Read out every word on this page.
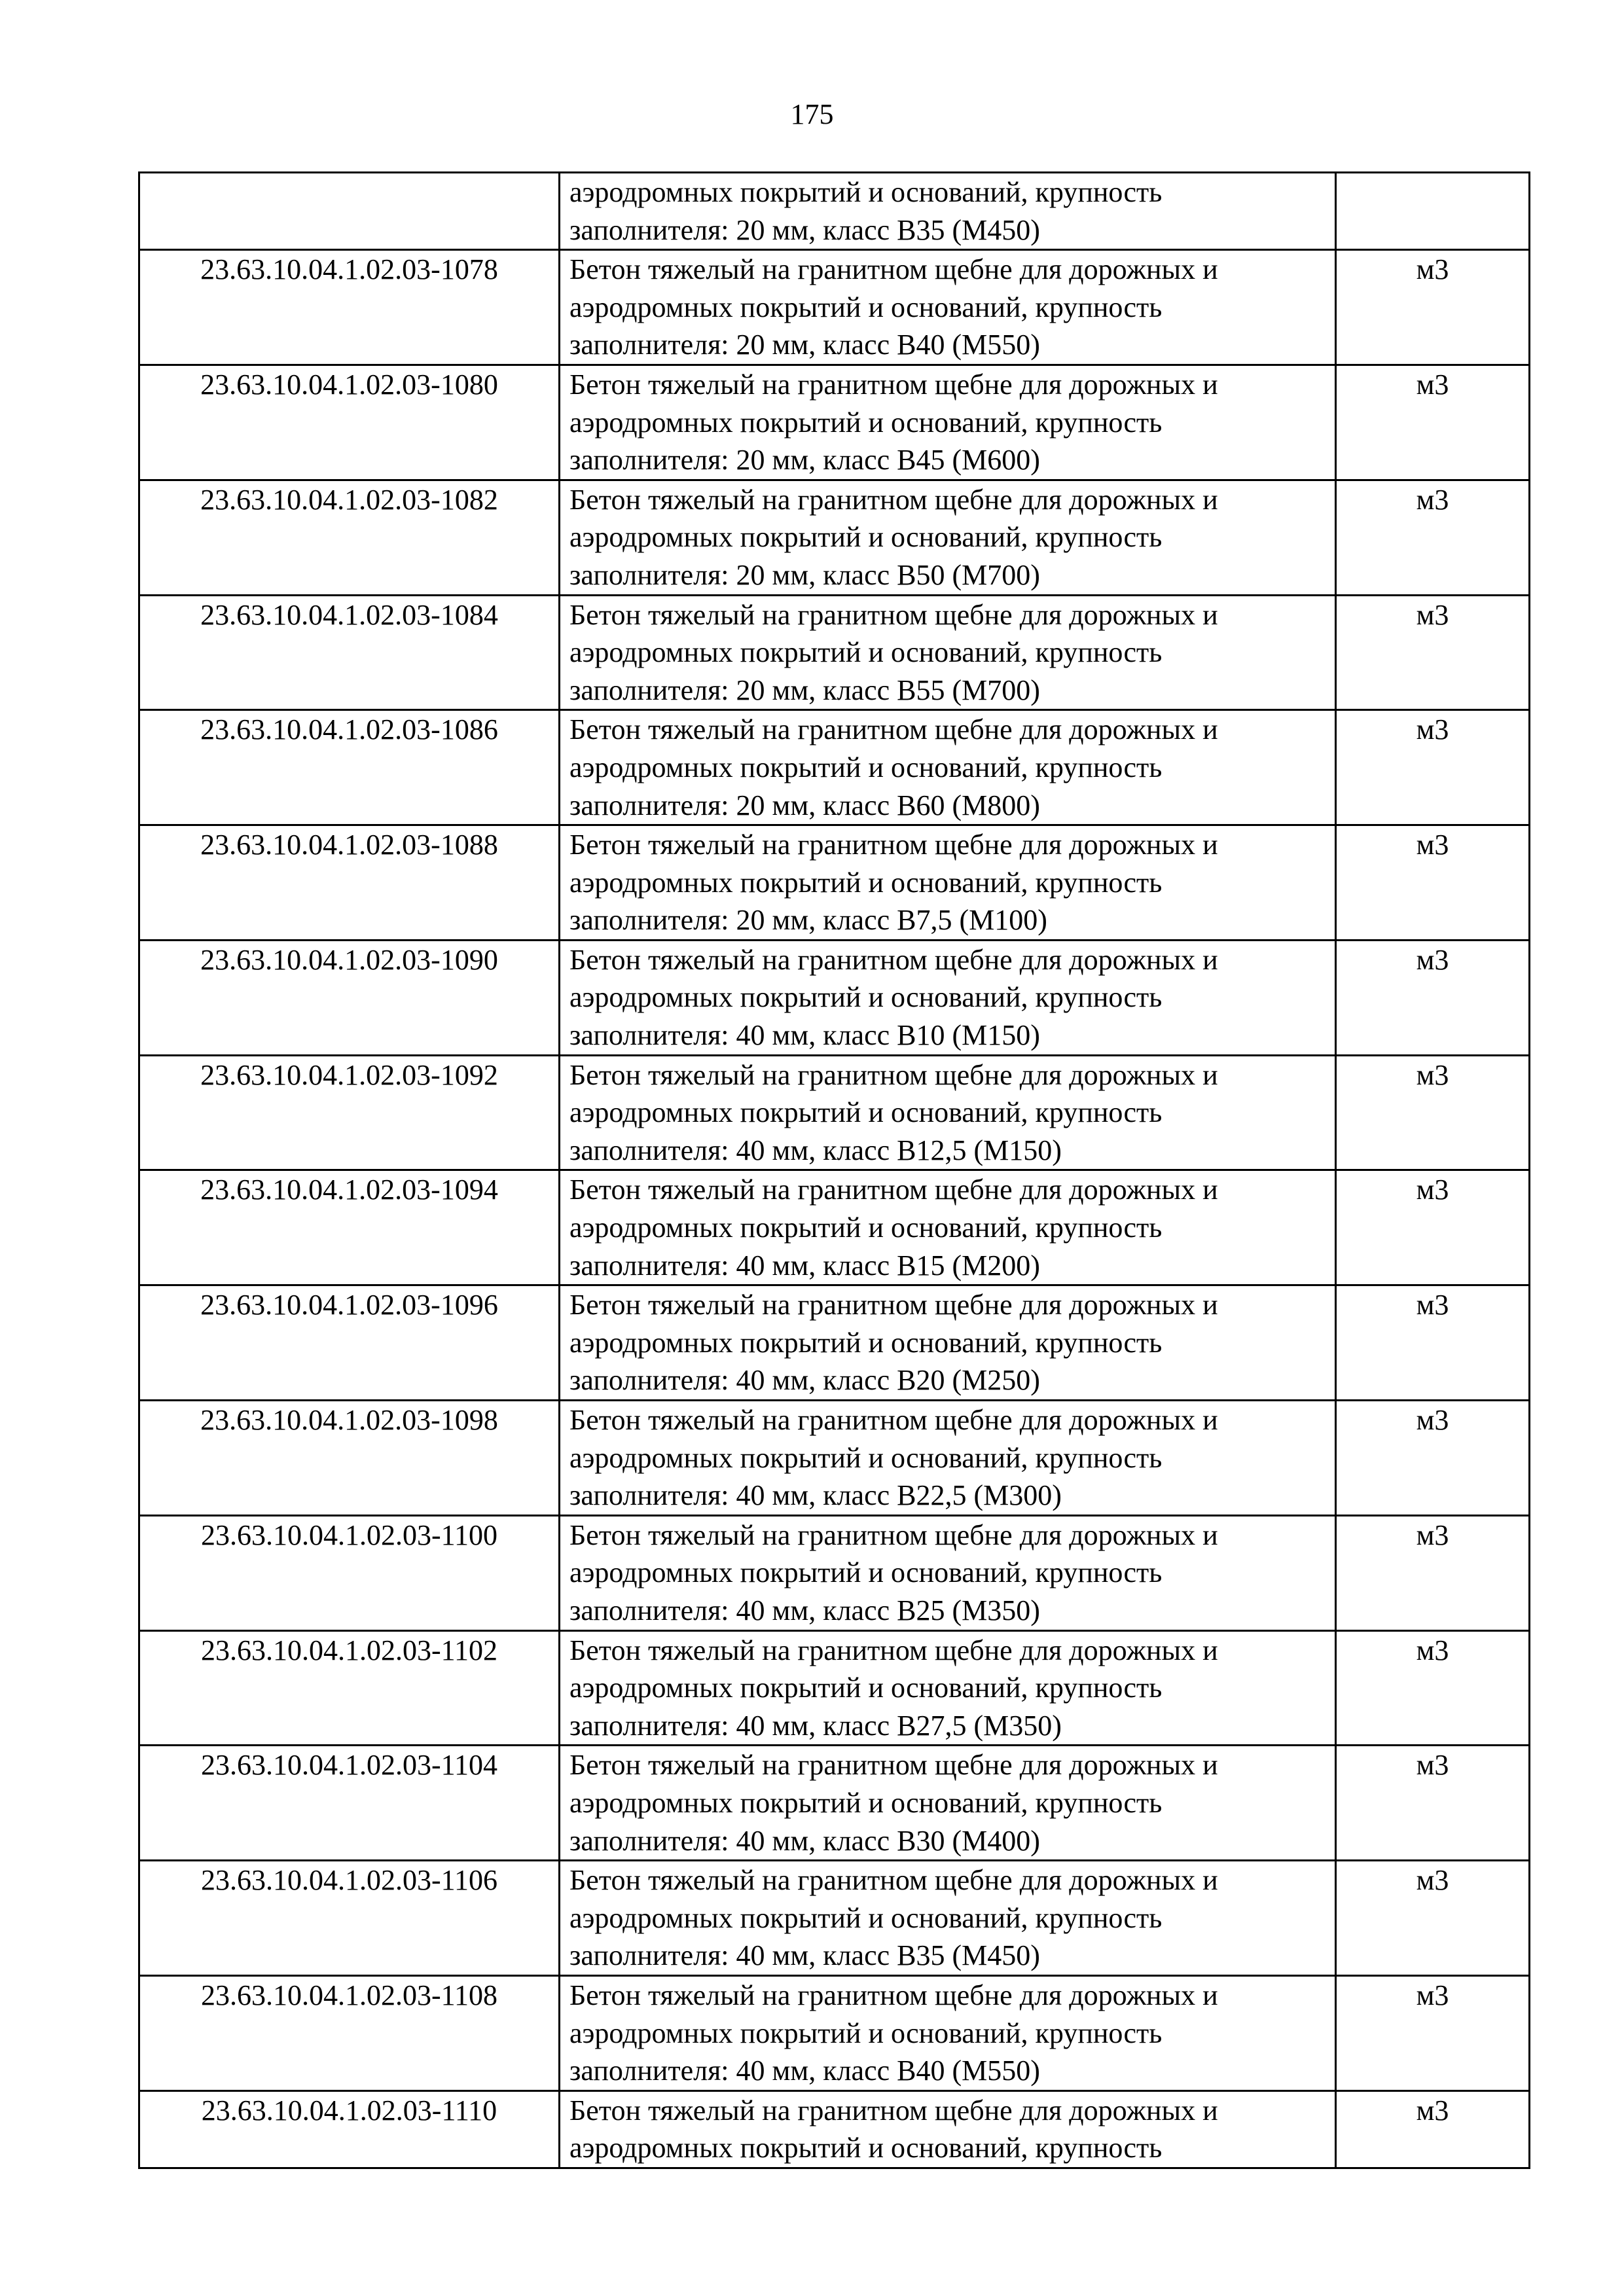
175

	аэродромных покрытий и оснований, крупность
заполнителя: 20 мм, класс B35 (M450)	

23.63.10.04.1.02.03-1078	Бетон тяжелый на гранитном щебне для дорожных и
аэродромных покрытий и оснований, крупность
заполнителя: 20 мм, класс B40 (M550)	м3
23.63.10.04.1.02.03-1080	Бетон тяжелый на гранитном щебне для дорожных и
аэродромных покрытий и оснований, крупность
заполнителя: 20 мм, класс B45 (M600)	м3
23.63.10.04.1.02.03-1082	Бетон тяжелый на гранитном щебне для дорожных и
аэродромных покрытий и оснований, крупность
заполнителя: 20 мм, класс B50 (M700)	м3
23.63.10.04.1.02.03-1084	Бетон тяжелый на гранитном щебне для дорожных и
аэродромных покрытий и оснований, крупность
заполнителя: 20 мм, класс B55 (M700)	м3
23.63.10.04.1.02.03-1086	Бетон тяжелый на гранитном щебне для дорожных и
аэродромных покрытий и оснований, крупность
заполнителя: 20 мм, класс B60 (M800)	м3
23.63.10.04.1.02.03-1088	Бетон тяжелый на гранитном щебне для дорожных и
аэродромных покрытий и оснований, крупность
заполнителя: 20 мм, класс B7,5 (M100)	м3
23.63.10.04.1.02.03-1090	Бетон тяжелый на гранитном щебне для дорожных и
аэродромных покрытий и оснований, крупность
заполнителя: 40 мм, класс B10 (M150)	м3
23.63.10.04.1.02.03-1092	Бетон тяжелый на гранитном щебне для дорожных и
аэродромных покрытий и оснований, крупность
заполнителя: 40 мм, класс B12,5 (M150)	м3
23.63.10.04.1.02.03-1094	Бетон тяжелый на гранитном щебне для дорожных и
аэродромных покрытий и оснований, крупность
заполнителя: 40 мм, класс B15 (M200)	м3
23.63.10.04.1.02.03-1096	Бетон тяжелый на гранитном щебне для дорожных и
аэродромных покрытий и оснований, крупность
заполнителя: 40 мм, класс B20 (M250)	м3
23.63.10.04.1.02.03-1098	Бетон тяжелый на гранитном щебне для дорожных и
аэродромных покрытий и оснований, крупность
заполнителя: 40 мм, класс B22,5 (M300)	м3
23.63.10.04.1.02.03-1100	Бетон тяжелый на гранитном щебне для дорожных и
аэродромных покрытий и оснований, крупность
заполнителя: 40 мм, класс B25 (M350)	м3
23.63.10.04.1.02.03-1102	Бетон тяжелый на гранитном щебне для дорожных и
аэродромных покрытий и оснований, крупность
заполнителя: 40 мм, класс B27,5 (M350)	м3
23.63.10.04.1.02.03-1104	Бетон тяжелый на гранитном щебне для дорожных и
аэродромных покрытий и оснований, крупность
заполнителя: 40 мм, класс B30 (M400)	м3
23.63.10.04.1.02.03-1106	Бетон тяжелый на гранитном щебне для дорожных и
аэродромных покрытий и оснований, крупность
заполнителя: 40 мм, класс B35 (M450)	м3
23.63.10.04.1.02.03-1108	Бетон тяжелый на гранитном щебне для дорожных и
аэродромных покрытий и оснований, крупность
заполнителя: 40 мм, класс B40 (M550)	м3
23.63.10.04.1.02.03-1110	Бетон тяжелый на гранитном щебне для дорожных и
аэродромных покрытий и оснований, крупность	м3
